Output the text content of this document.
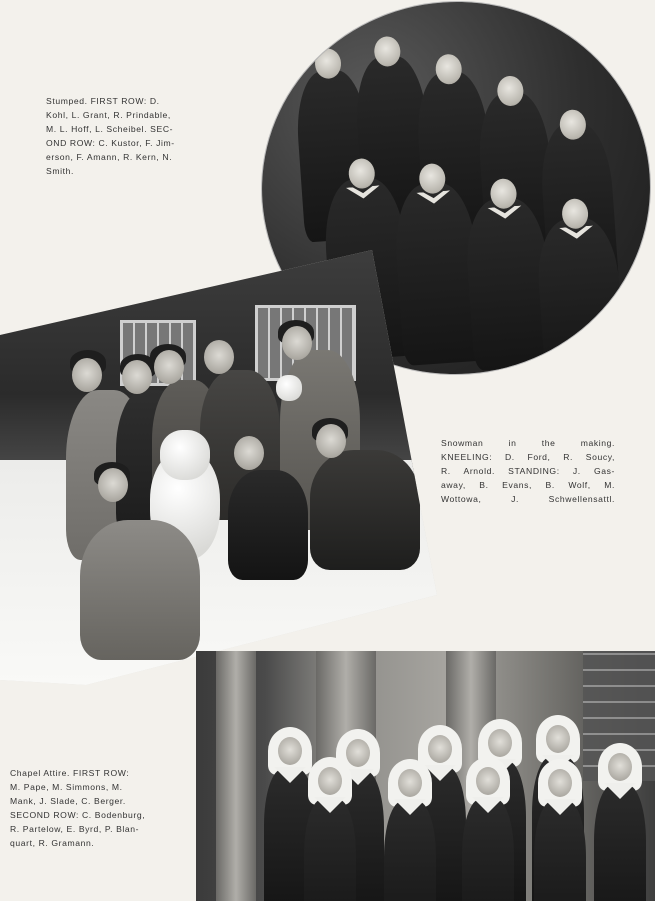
Stumped. FIRST ROW: D.
Kohl, L. Grant, R. Prindable,
M. L. Hoff, L. Scheibel. SEC-
OND ROW: C. Kustor, F. Jim-
erson, F. Amann, R. Kern, N.
Smith.
Snowman in the making.
KNEELING: D. Ford, R. Soucy,
R. Arnold. STANDING: J. Gas-
away, B. Evans, B. Wolf, M.
Wottowa, J. Schwellensattl.
Chapel Attire. FIRST ROW:
M. Pape, M. Simmons, M.
Mank, J. Slade, C. Berger.
SECOND ROW: C. Bodenburg,
R. Partelow, E. Byrd, P. Blan-
quart, R. Gramann.
